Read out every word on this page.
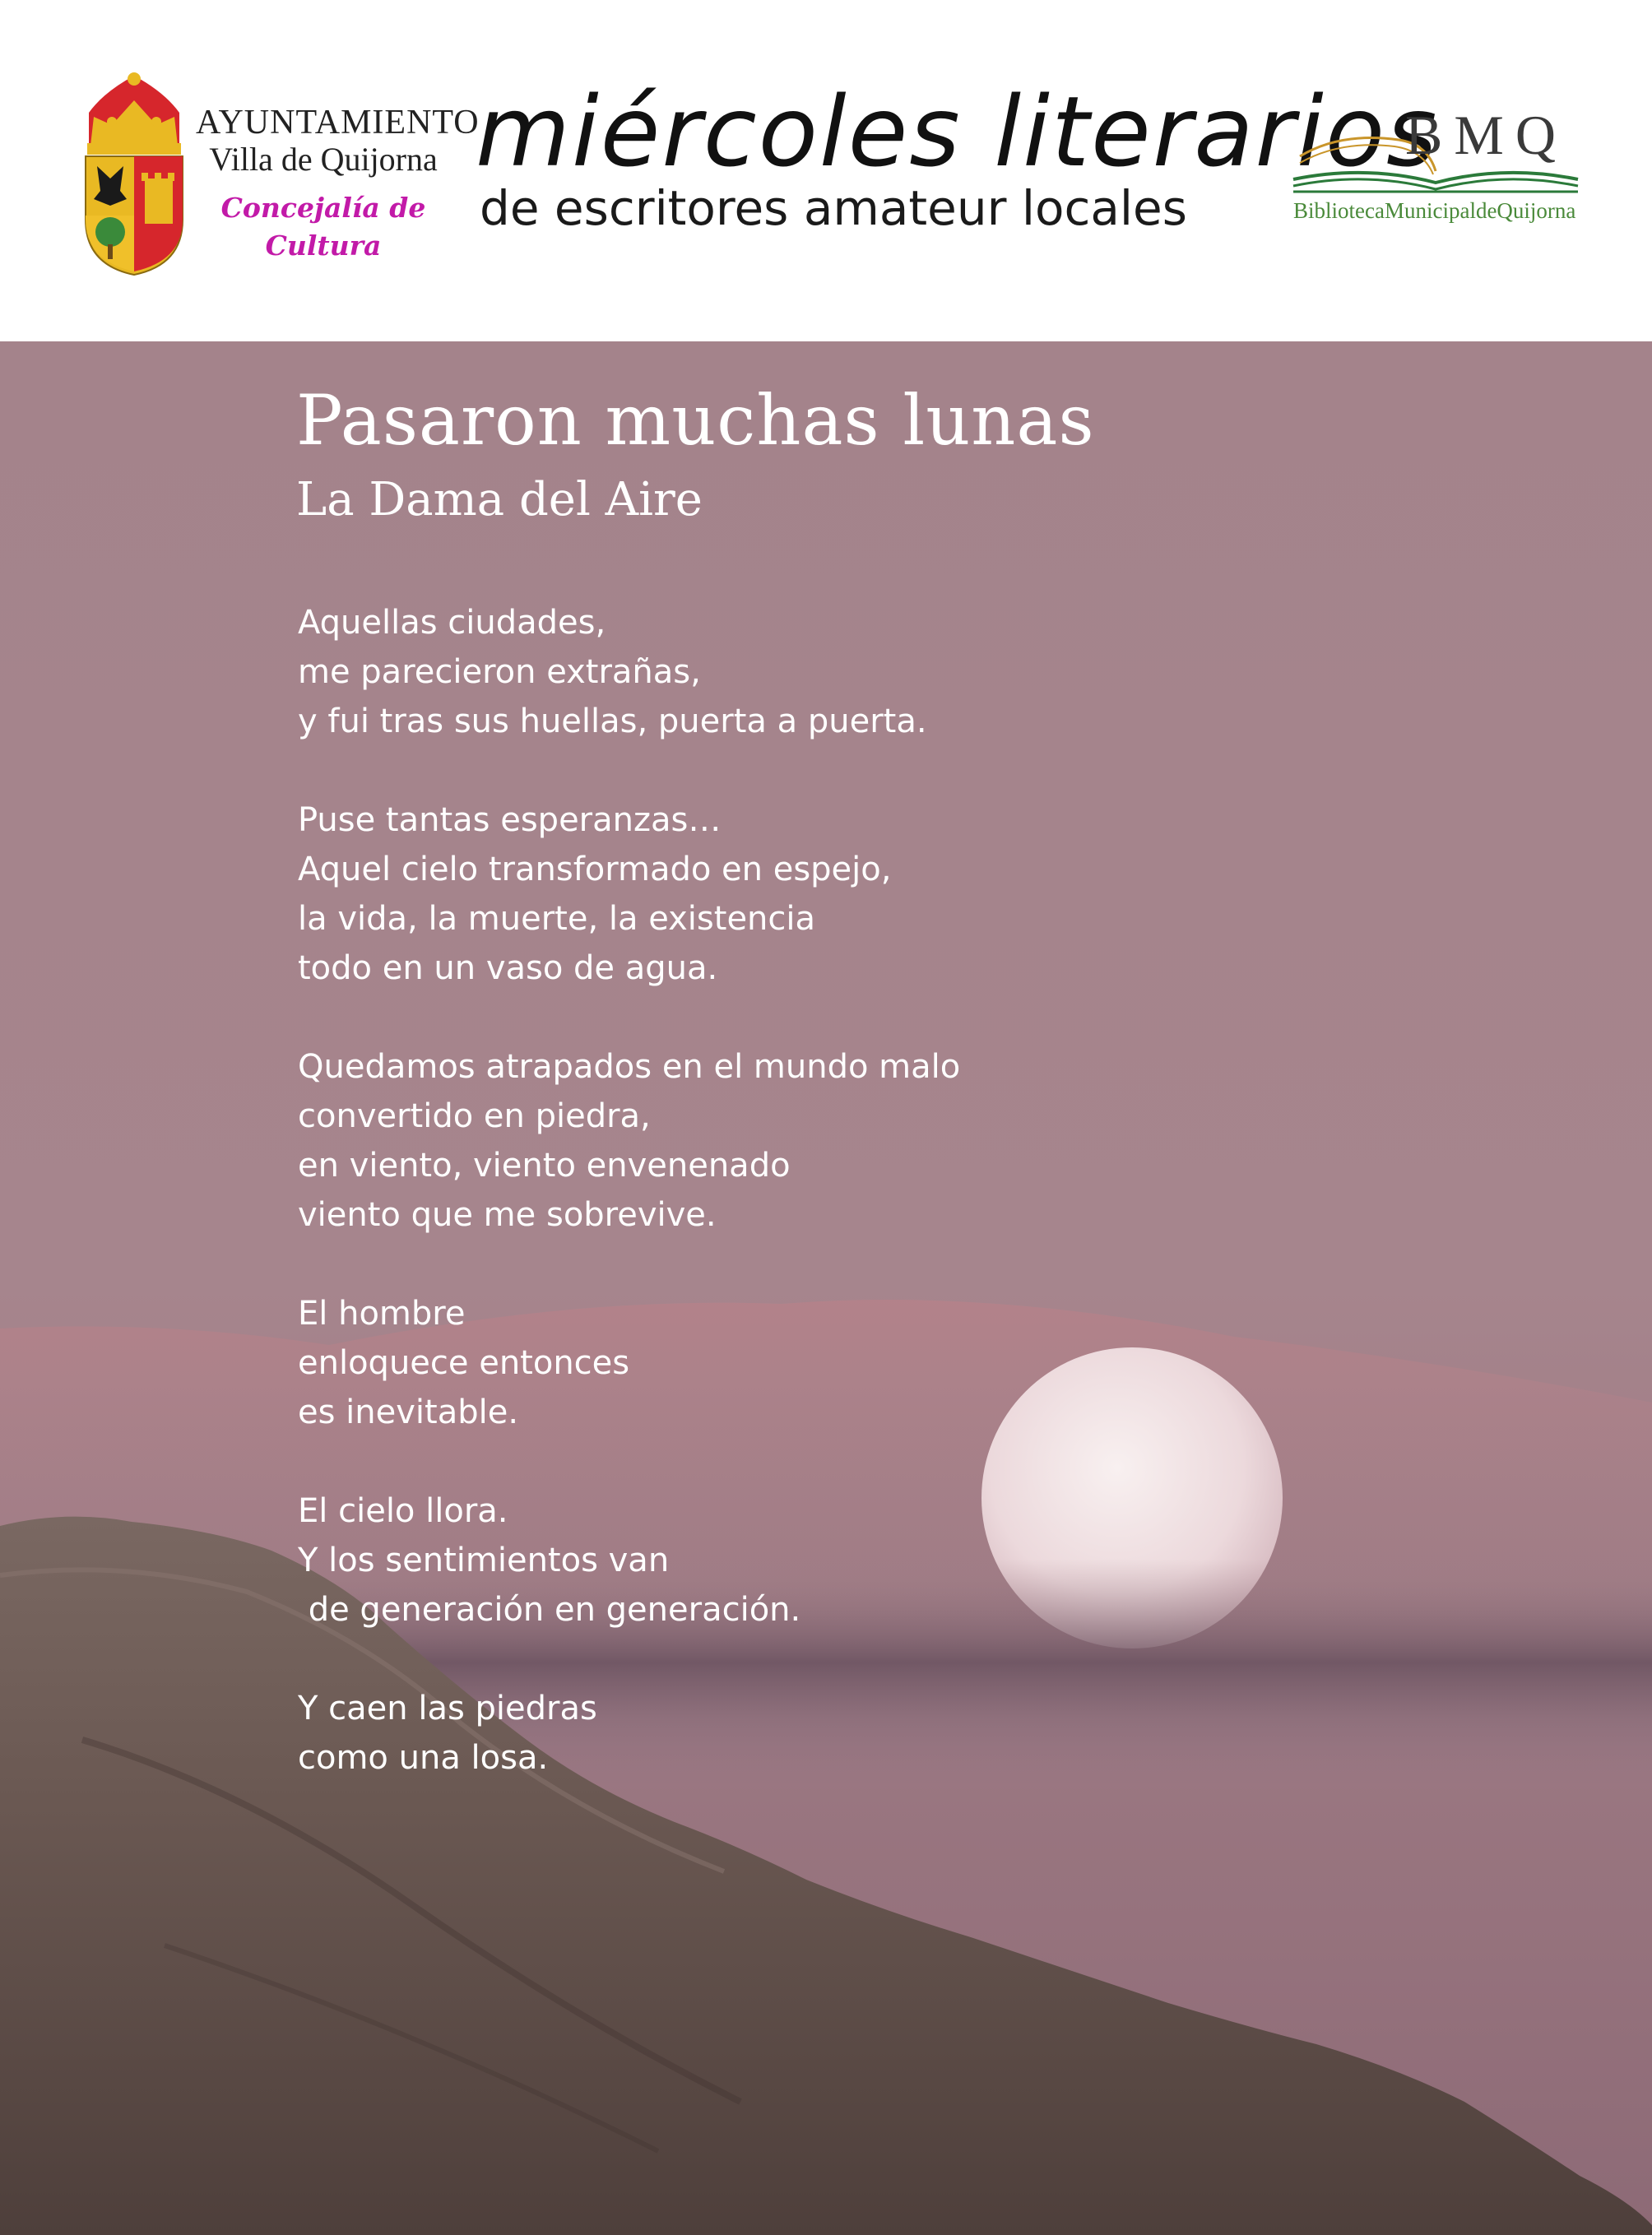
AYUNTAMIENTO
Villa de Quijorna
Concejalía de
Cultura
miércoles literarios
de escritores amateur locales
BMQ
BibliotecaMunicipaldeQuijorna
Pasaron muchas lunas
La Dama del Aire
Aquellas ciudades,
me parecieron extrañas,
y fui tras sus huellas, puerta a puerta.
Puse tantas esperanzas…
Aquel cielo transformado en espejo,
la vida, la muerte, la existencia
todo en un vaso de agua.
Quedamos atrapados en el mundo malo
convertido en piedra,
en viento, viento envenenado
viento que me sobrevive.
El hombre
enloquece entonces
es inevitable.
El cielo llora.
Y los sentimientos van
de generación en generación.
Y caen las piedras
como una losa.
